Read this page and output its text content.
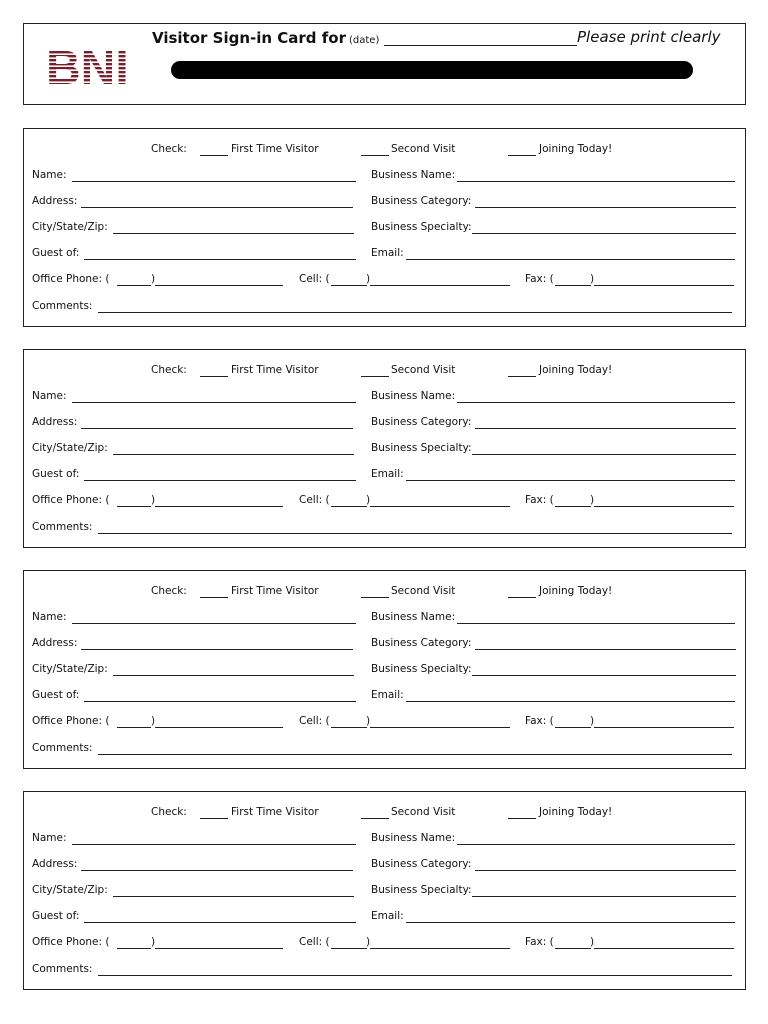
BNI
Visitor Sign-in Card for (date)	Please print clearly
Check:	First Time Visitor	Second Visit	Joining Today!
Name:	Business Name:
Address:	Business Category:
City/State/Zip:	Business Specialty:
Guest of:	Email:
Office Phone: (	)	Cell: (	)	Fax: (	)
Comments:
Check:	First Time Visitor	Second Visit	Joining Today!
Name:	Business Name:
Address:	Business Category:
City/State/Zip:	Business Specialty:
Guest of:	Email:
Office Phone: (	)	Cell: (	)	Fax: (	)
Comments:
Check:	First Time Visitor	Second Visit	Joining Today!
Name:	Business Name:
Address:	Business Category:
City/State/Zip:	Business Specialty:
Guest of:	Email:
Office Phone: (	)	Cell: (	)	Fax: (	)
Comments:
Check:	First Time Visitor	Second Visit	Joining Today!
Name:	Business Name:
Address:	Business Category:
City/State/Zip:	Business Specialty:
Guest of:	Email:
Office Phone: (	)	Cell: (	)	Fax: (	)
Comments:
